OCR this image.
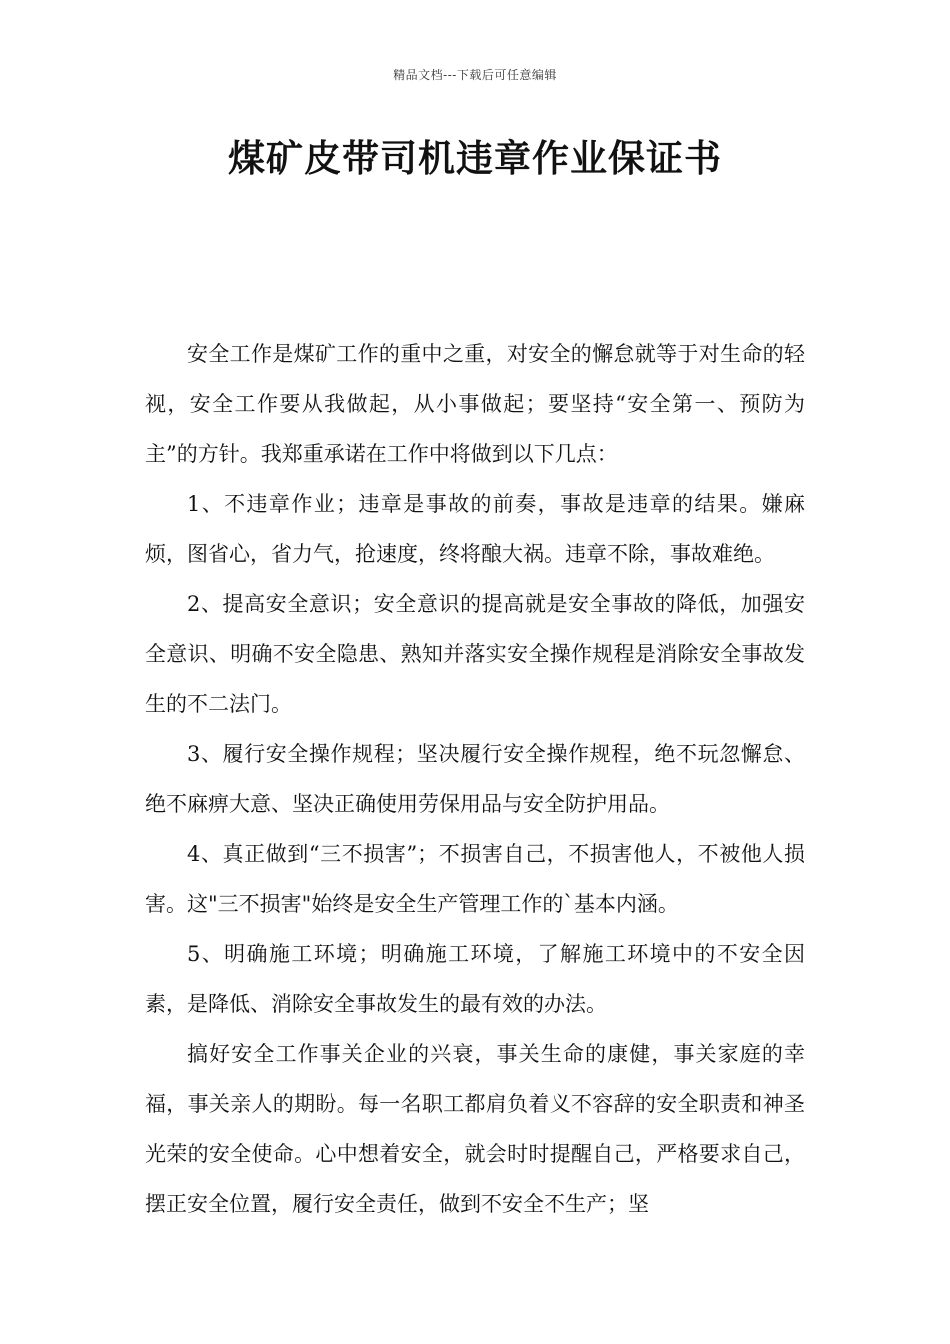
精品文档---下载后可任意编辑
煤矿皮带司机违章作业保证书

安全工作是煤矿工作的重中之重，对安全的懈怠就等于对生命的轻视，安全工作要从我做起，从小事做起；要坚持“安全第一、预防为主”的方针。我郑重承诺在工作中将做到以下几点：

1、不违章作业；违章是事故的前奏，事故是违章的结果。嫌麻烦，图省心，省力气，抢速度，终将酿大祸。违章不除，事故难绝。

2、提高安全意识；安全意识的提高就是安全事故的降低，加强安全意识、明确不安全隐患、熟知并落实安全操作规程是消除安全事故发生的不二法门。

3、履行安全操作规程；坚决履行安全操作规程，绝不玩忽懈怠、绝不麻痹大意、坚决正确使用劳保用品与安全防护用品。

4、真正做到“三不损害”；不损害自己，不损害他人，不被他人损害。这"三不损害"始终是安全生产管理工作的`基本内涵。

5、明确施工环境；明确施工环境，了解施工环境中的不安全因素，是降低、消除安全事故发生的最有效的办法。

搞好安全工作事关企业的兴衰，事关生命的康健，事关家庭的幸福，事关亲人的期盼。每一名职工都肩负着义不容辞的安全职责和神圣光荣的安全使命。心中想着安全，就会时时提醒自己，严格要求自己，摆正安全位置，履行安全责任，做到不安全不生产；坚
